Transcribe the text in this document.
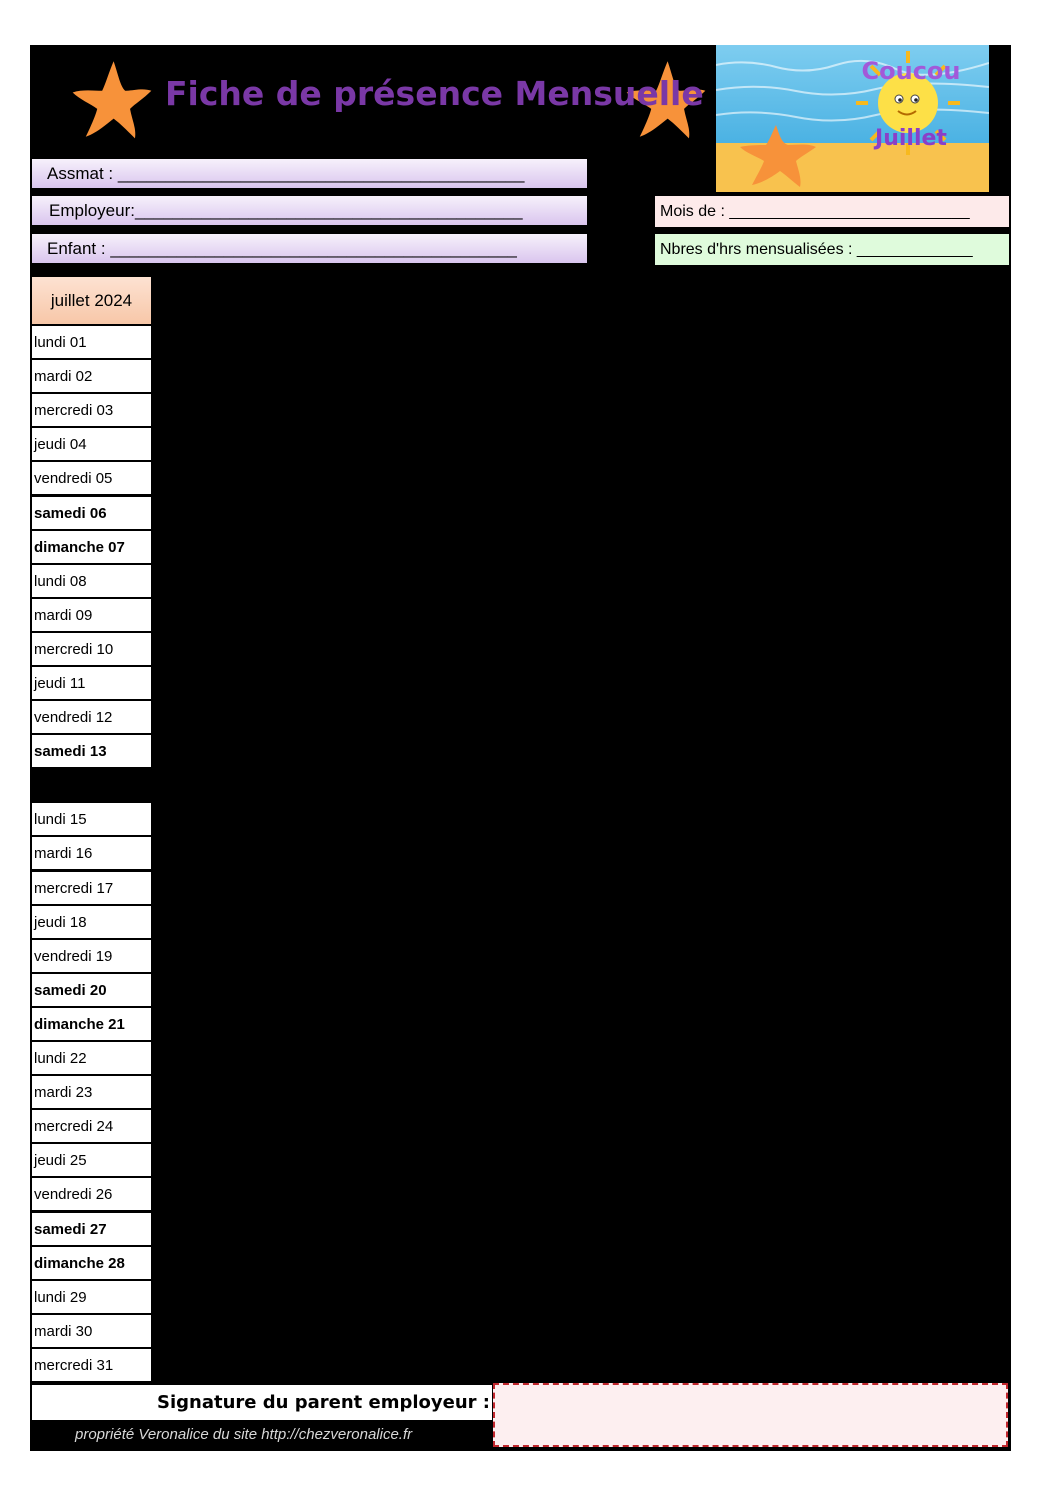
Fiche de présence Mensuelle
Coucou
Juillet
Assmat : ___________________________________________
Employeur:_________________________________________
Enfant : ___________________________________________
Mois de : ___________________________
Nbres d'hrs mensualisées : _____________
juillet 2024
lundi 01
mardi 02
mercredi 03
jeudi 04
vendredi 05
samedi 06
dimanche 07
lundi 08
mardi 09
mercredi 10
jeudi 11
vendredi 12
samedi 13
lundi 15
mardi 16
mercredi 17
jeudi 18
vendredi 19
samedi 20
dimanche 21
lundi 22
mardi 23
mercredi 24
jeudi 25
vendredi 26
samedi 27
dimanche 28
lundi 29
mardi 30
mercredi 31
Signature du parent employeur :
propriété Veronalice du site http://chezveronalice.fr
